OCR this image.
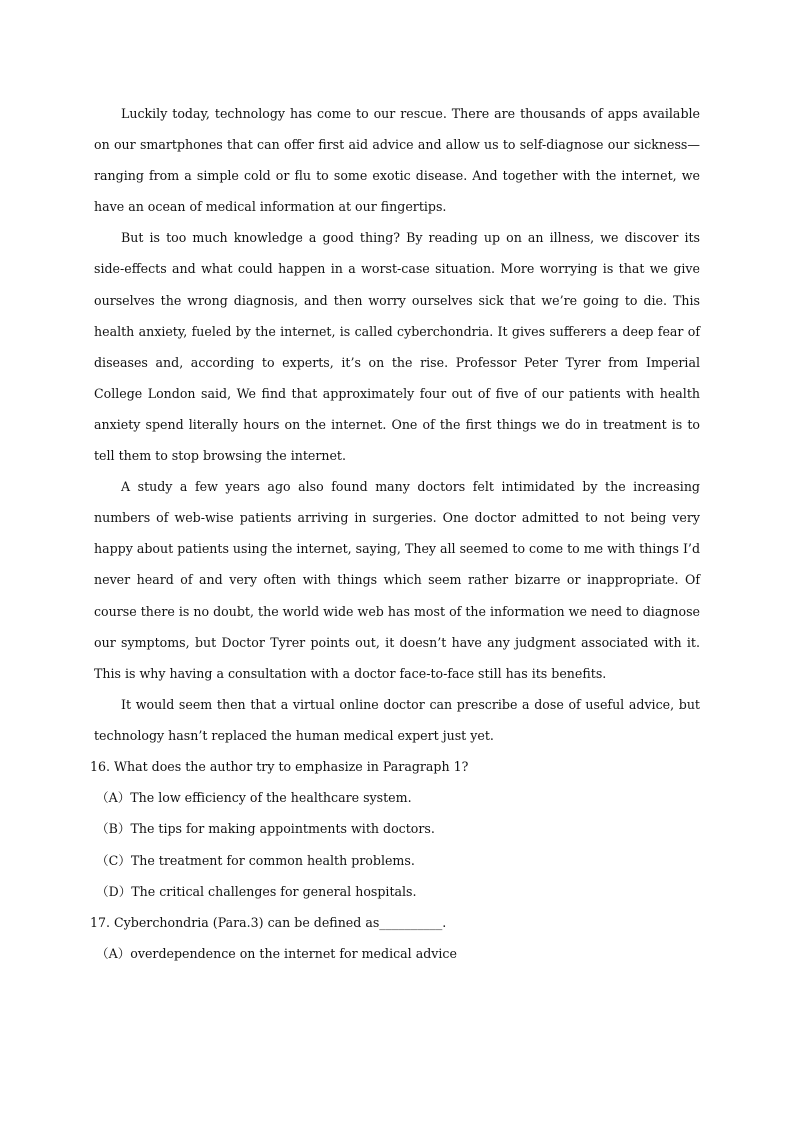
Luckily today, technology has come to our rescue. There are thousands of apps available on our smartphones that can offer first aid advice and allow us to self-diagnose our sickness—ranging from a simple cold or flu to some exotic disease. And together with the internet, we have an ocean of medical information at our fingertips.

But is too much knowledge a good thing? By reading up on an illness, we discover its side-effects and what could happen in a worst-case situation. More worrying is that we give ourselves the wrong diagnosis, and then worry ourselves sick that we’re going to die. This health anxiety, fueled by the internet, is called cyberchondria. It gives sufferers a deep fear of diseases and, according to experts, it’s on the rise. Professor Peter Tyrer from Imperial College London said, We find that approximately four out of five of our patients with health anxiety spend literally hours on the internet. One of the first things we do in treatment is to tell them to stop browsing the internet.

A study a few years ago also found many doctors felt intimidated by the increasing numbers of web-wise patients arriving in surgeries. One doctor admitted to not being very happy about patients using the internet, saying, They all seemed to come to me with things I’d never heard of and very often with things which seem rather bizarre or inappropriate. Of course there is no doubt, the world wide web has most of the information we need to diagnose our symptoms, but Doctor Tyrer points out, it doesn’t have any judgment associated with it. This is why having a consultation with a doctor face-to-face still has its benefits.

It would seem then that a virtual online doctor can prescribe a dose of useful advice, but technology hasn’t replaced the human medical expert just yet.

16. What does the author try to emphasize in Paragraph 1?
（A）The low efficiency of the healthcare system.
（B）The tips for making appointments with doctors.
（C）The treatment for common health problems.
（D）The critical challenges for general hospitals.
17. Cyberchondria (Para.3) can be defined as__________.
（A）overdependence on the internet for medical advice
